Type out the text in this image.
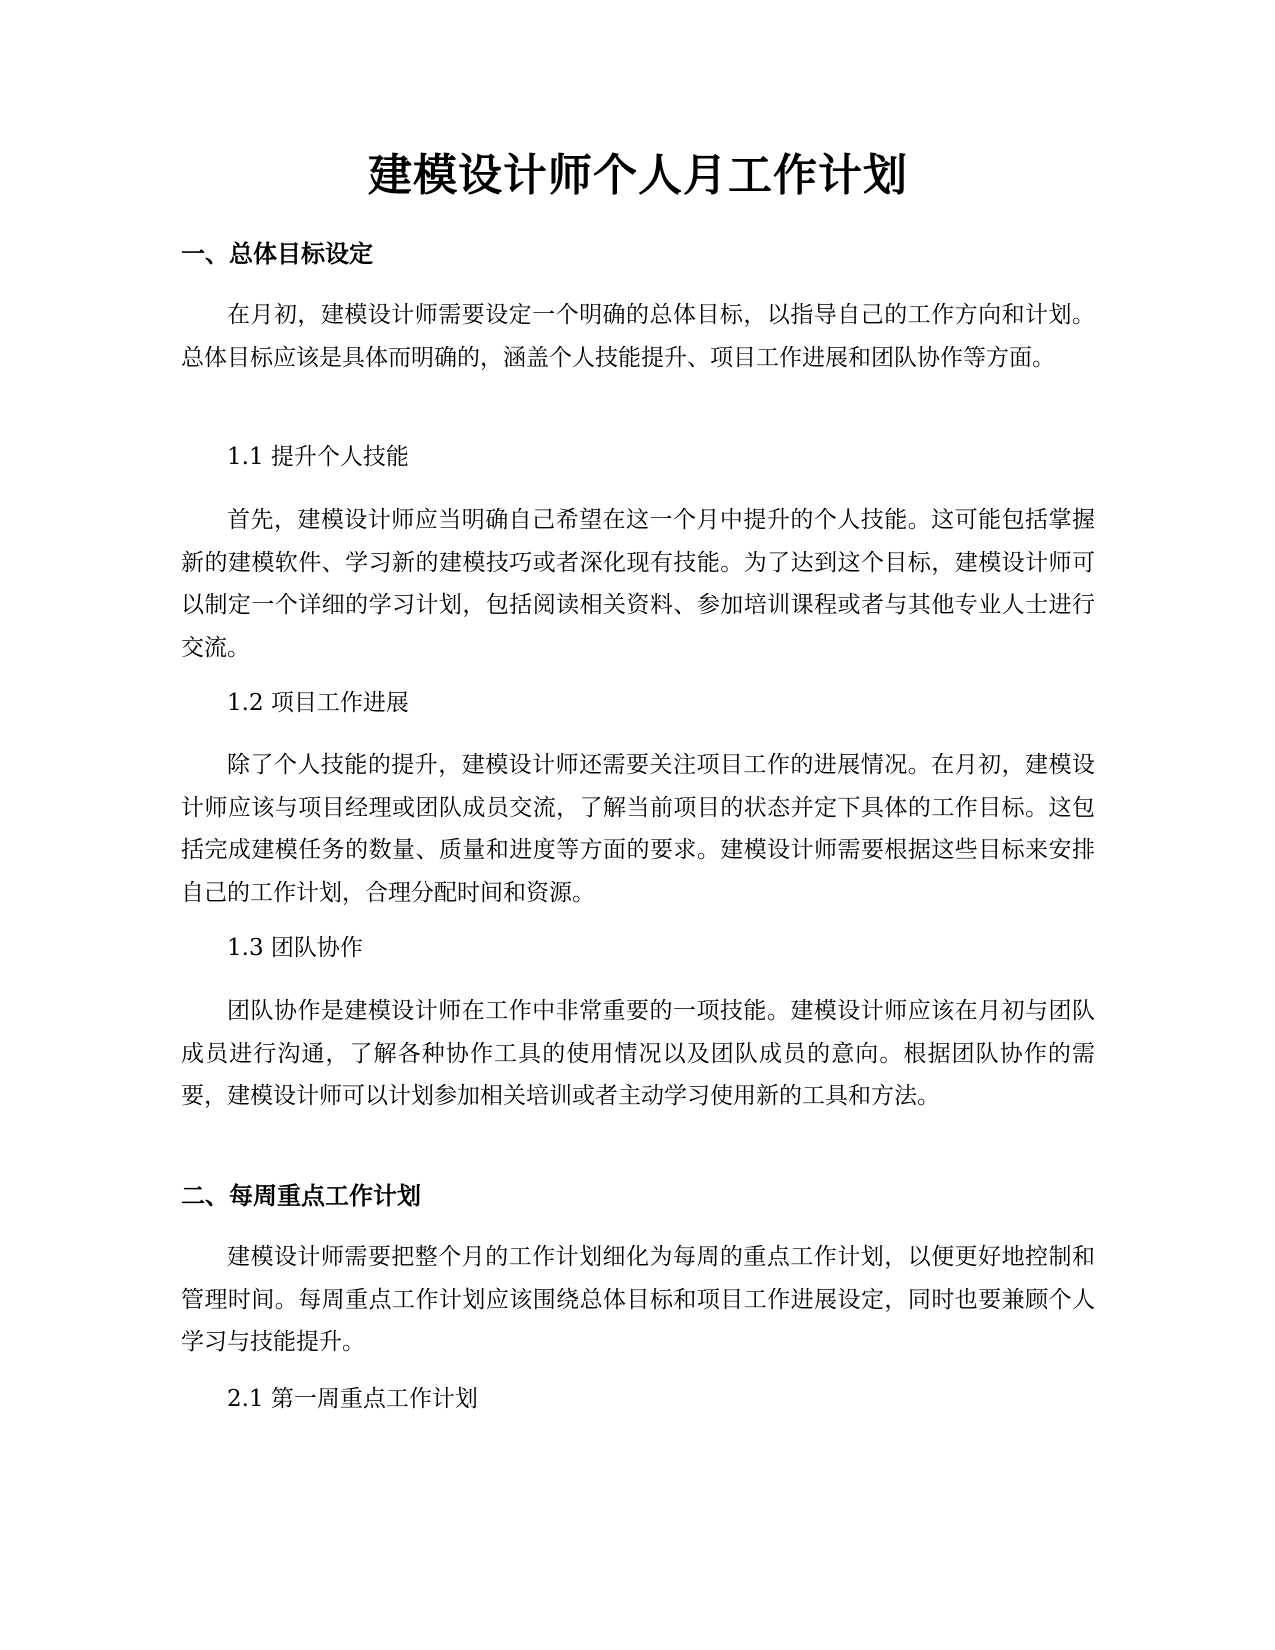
建模设计师个人月工作计划
一、总体目标设定

在月初，建模设计师需要设定一个明确的总体目标，以指导自己的工作方向和计划。总体目标应该是具体而明确的，涵盖个人技能提升、项目工作进展和团队协作等方面。

1.1 提升个人技能

首先，建模设计师应当明确自己希望在这一个月中提升的个人技能。这可能包括掌握新的建模软件、学习新的建模技巧或者深化现有技能。为了达到这个目标，建模设计师可以制定一个详细的学习计划，包括阅读相关资料、参加培训课程或者与其他专业人士进行交流。

1.2 项目工作进展

除了个人技能的提升，建模设计师还需要关注项目工作的进展情况。在月初，建模设计师应该与项目经理或团队成员交流，了解当前项目的状态并定下具体的工作目标。这包括完成建模任务的数量、质量和进度等方面的要求。建模设计师需要根据这些目标来安排自己的工作计划，合理分配时间和资源。

1.3 团队协作

团队协作是建模设计师在工作中非常重要的一项技能。建模设计师应该在月初与团队成员进行沟通，了解各种协作工具的使用情况以及团队成员的意向。根据团队协作的需要，建模设计师可以计划参加相关培训或者主动学习使用新的工具和方法。

二、每周重点工作计划

建模设计师需要把整个月的工作计划细化为每周的重点工作计划，以便更好地控制和管理时间。每周重点工作计划应该围绕总体目标和项目工作进展设定，同时也要兼顾个人学习与技能提升。

2.1 第一周重点工作计划
